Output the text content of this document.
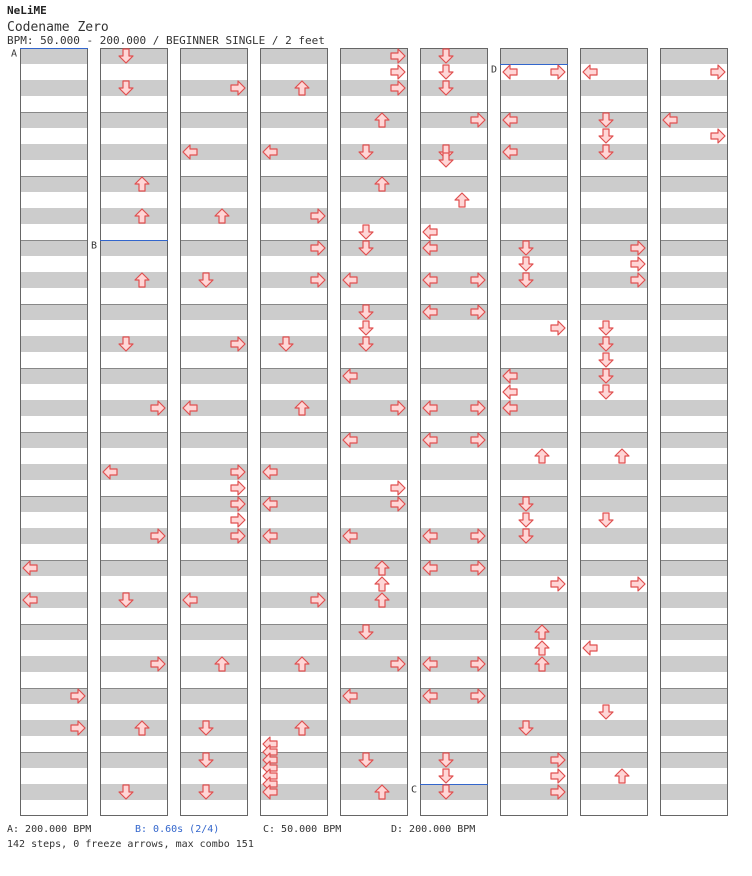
NeLiME
Codename Zero
BPM: 50.000 - 200.000 / BEGINNER SINGLE / 2 feet
A
B
C
D
A: 200.000 BPM	B: 0.60s (2/4)	C: 50.000 BPM	D: 200.000 BPM
142 steps, 0 freeze arrows, max combo 151
